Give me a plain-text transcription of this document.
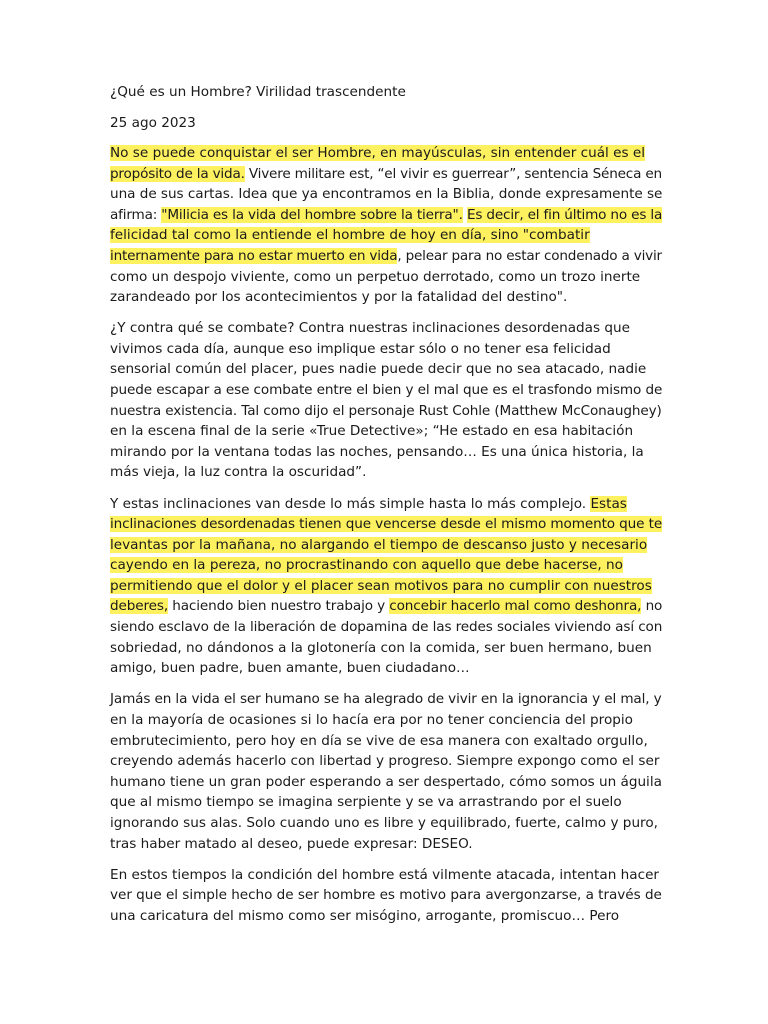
¿Qué es un Hombre? Virilidad trascendente

25 ago 2023

No se puede conquistar el ser Hombre, en mayúsculas, sin entender cuál es el
propósito de la vida. Vivere militare est, “el vivir es guerrear”, sentencia Séneca en
una de sus cartas. Idea que ya encontramos en la Biblia, donde expresamente se
afirma: "Milicia es la vida del hombre sobre la tierra". Es decir, el fin último no es la
felicidad tal como la entiende el hombre de hoy en día, sino "combatir
internamente para no estar muerto en vida, pelear para no estar condenado a vivir
como un despojo viviente, como un perpetuo derrotado, como un trozo inerte
zarandeado por los acontecimientos y por la fatalidad del destino".

¿Y contra qué se combate? Contra nuestras inclinaciones desordenadas que
vivimos cada día, aunque eso implique estar sólo o no tener esa felicidad
sensorial común del placer, pues nadie puede decir que no sea atacado, nadie
puede escapar a ese combate entre el bien y el mal que es el trasfondo mismo de
nuestra existencia. Tal como dijo el personaje Rust Cohle (Matthew McConaughey)
en la escena final de la serie «True Detective»; “He estado en esa habitación
mirando por la ventana todas las noches, pensando… Es una única historia, la
más vieja, la luz contra la oscuridad”.

Y estas inclinaciones van desde lo más simple hasta lo más complejo. Estas
inclinaciones desordenadas tienen que vencerse desde el mismo momento que te
levantas por la mañana, no alargando el tiempo de descanso justo y necesario
cayendo en la pereza, no procrastinando con aquello que debe hacerse, no
permitiendo que el dolor y el placer sean motivos para no cumplir con nuestros
deberes, haciendo bien nuestro trabajo y concebir hacerlo mal como deshonra, no
siendo esclavo de la liberación de dopamina de las redes sociales viviendo así con
sobriedad, no dándonos a la glotonería con la comida, ser buen hermano, buen
amigo, buen padre, buen amante, buen ciudadano…

Jamás en la vida el ser humano se ha alegrado de vivir en la ignorancia y el mal, y
en la mayoría de ocasiones si lo hacía era por no tener conciencia del propio
embrutecimiento, pero hoy en día se vive de esa manera con exaltado orgullo,
creyendo además hacerlo con libertad y progreso. Siempre expongo como el ser
humano tiene un gran poder esperando a ser despertado, cómo somos un águila
que al mismo tiempo se imagina serpiente y se va arrastrando por el suelo
ignorando sus alas. Solo cuando uno es libre y equilibrado, fuerte, calmo y puro,
tras haber matado al deseo, puede expresar: DESEO.

En estos tiempos la condición del hombre está vilmente atacada, intentan hacer
ver que el simple hecho de ser hombre es motivo para avergonzarse, a través de
una caricatura del mismo como ser misógino, arrogante, promiscuo… Pero
